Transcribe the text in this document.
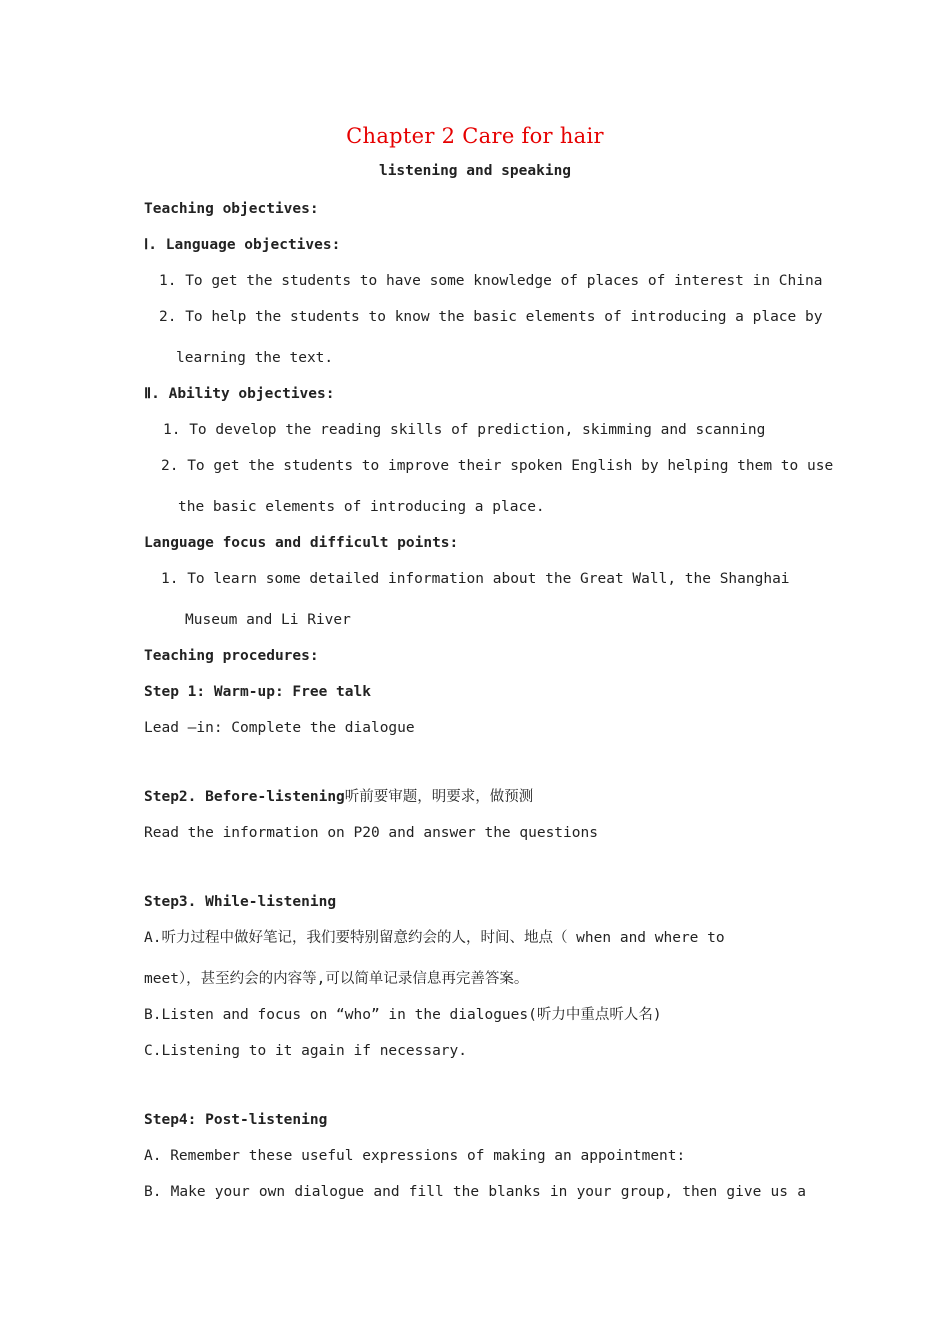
Chapter 2 Care for hair
listening and speaking
Teaching objectives:
Ⅰ. Language objectives:
1. To get the students to have some knowledge of places of interest in China
2. To help the students to know the basic elements of introducing a place by
learning the text.
Ⅱ. Ability objectives:
1. To develop the reading skills of prediction, skimming and scanning
2. To get the students to improve their spoken English by helping them to use
the basic elements of introducing a place.
Language focus and difficult points:
1. To learn some detailed information about the Great Wall, the Shanghai
Museum and Li River
Teaching procedures:
Step 1: Warm-up: Free talk
Lead –in: Complete the dialogue
Step2. Before-listening听前要审题，明要求，做预测
Read the information on P20 and answer the questions
Step3. While-listening
A.听力过程中做好笔记，我们要特别留意约会的人，时间、地点（ when and where to
meet），甚至约会的内容等,可以简单记录信息再完善答案。
B.Listen and focus on “who” in the dialogues(听力中重点听人名)
C.Listening to it again if necessary.
Step4: Post-listening
A. Remember these useful expressions of making an appointment:
B. Make your own dialogue and fill the blanks in your group, then give us a
